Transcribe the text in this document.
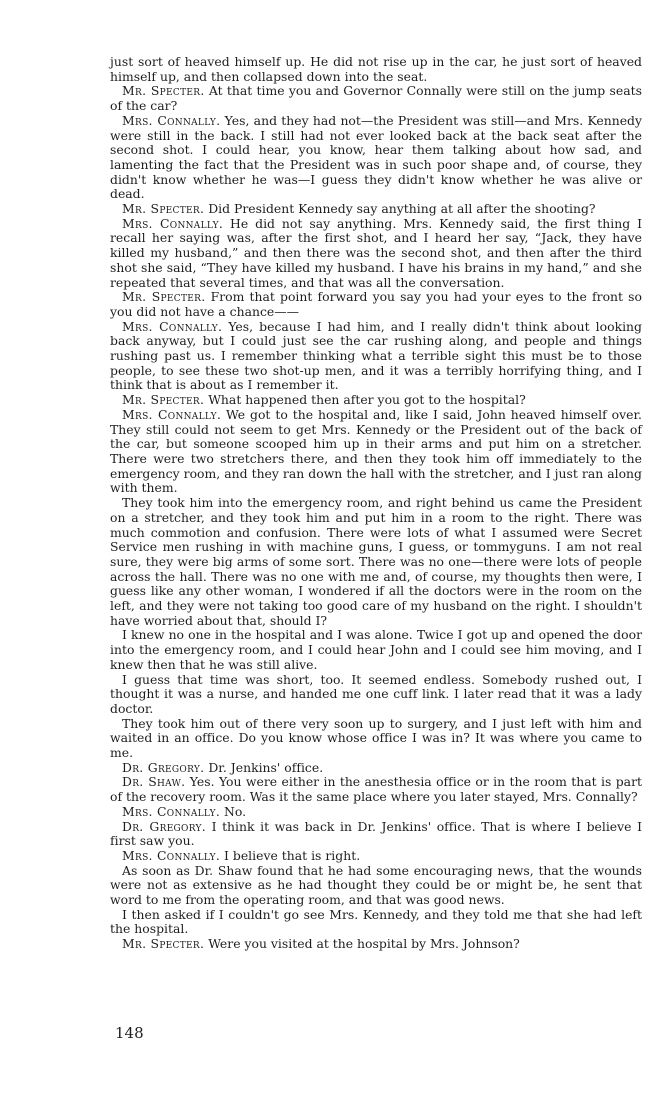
just sort of heaved himself up. He did not rise up in the car, he just sort of heaved himself up, and then collapsed down into the seat.

Mr. Specter. At that time you and Governor Connally were still on the jump seats of the car?

Mrs. Connally. Yes, and they had not—the President was still—and Mrs. Kennedy were still in the back. I still had not ever looked back at the back seat after the second shot. I could hear, you know, hear them talking about how sad, and lamenting the fact that the President was in such poor shape and, of course, they didn't know whether he was—I guess they didn't know whether he was alive or dead.

Mr. Specter. Did President Kennedy say anything at all after the shooting?

Mrs. Connally. He did not say anything. Mrs. Kennedy said, the first thing I recall her saying was, after the first shot, and I heard her say, “Jack, they have killed my husband,” and then there was the second shot, and then after the third shot she said, “They have killed my husband. I have his brains in my hand,” and she repeated that several times, and that was all the conversation.

Mr. Specter. From that point forward you say you had your eyes to the front so you did not have a chance——

Mrs. Connally. Yes, because I had him, and I really didn't think about looking back anyway, but I could just see the car rushing along, and people and things rushing past us. I remember thinking what a terrible sight this must be to those people, to see these two shot-up men, and it was a terribly horrifying thing, and I think that is about as I remember it.

Mr. Specter. What happened then after you got to the hospital?

Mrs. Connally. We got to the hospital and, like I said, John heaved himself over. They still could not seem to get Mrs. Kennedy or the President out of the back of the car, but someone scooped him up in their arms and put him on a stretcher. There were two stretchers there, and then they took him off immediately to the emergency room, and they ran down the hall with the stretcher, and I just ran along with them.

They took him into the emergency room, and right behind us came the President on a stretcher, and they took him and put him in a room to the right. There was much commotion and confusion. There were lots of what I assumed were Secret Service men rushing in with machine guns, I guess, or tommyguns. I am not real sure, they were big arms of some sort. There was no one—there were lots of people across the hall. There was no one with me and, of course, my thoughts then were, I guess like any other woman, I wondered if all the doctors were in the room on the left, and they were not taking too good care of my husband on the right. I shouldn't have worried about that, should I?

I knew no one in the hospital and I was alone. Twice I got up and opened the door into the emergency room, and I could hear John and I could see him moving, and I knew then that he was still alive.

I guess that time was short, too. It seemed endless. Somebody rushed out, I thought it was a nurse, and handed me one cuff link. I later read that it was a lady doctor.

They took him out of there very soon up to surgery, and I just left with him and waited in an office. Do you know whose office I was in? It was where you came to me.

Dr. Gregory. Dr. Jenkins' office.

Dr. Shaw. Yes. You were either in the anesthesia office or in the room that is part of the recovery room. Was it the same place where you later stayed, Mrs. Connally?

Mrs. Connally. No.

Dr. Gregory. I think it was back in Dr. Jenkins' office. That is where I believe I first saw you.

Mrs. Connally. I believe that is right.

As soon as Dr. Shaw found that he had some encouraging news, that the wounds were not as extensive as he had thought they could be or might be, he sent that word to me from the operating room, and that was good news.

I then asked if I couldn't go see Mrs. Kennedy, and they told me that she had left the hospital.

Mr. Specter. Were you visited at the hospital by Mrs. Johnson?

148
